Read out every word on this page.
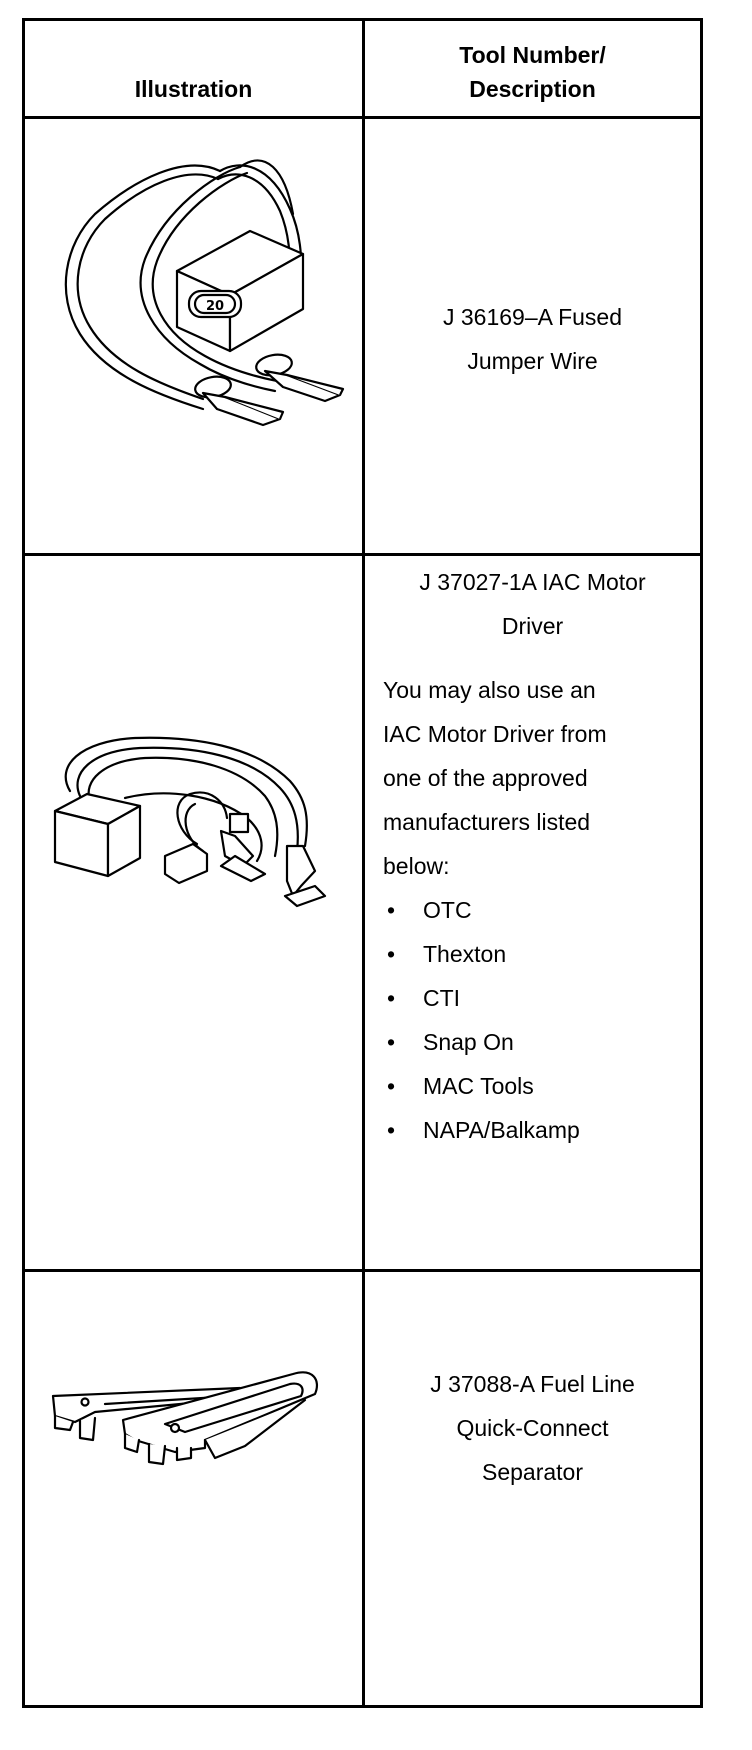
Illustration
Tool Number/
Description
20	J 36169–A Fused
Jumper Wire
J 37027-1A IAC Motor
Driver
You may also use an
IAC Motor Driver from
one of the approved
manufacturers listed
below:
• OTC
• Thexton
• CTI
• Snap On
• MAC Tools
• NAPA/Balkamp
J 37088-A Fuel Line
Quick-Connect
Separator
